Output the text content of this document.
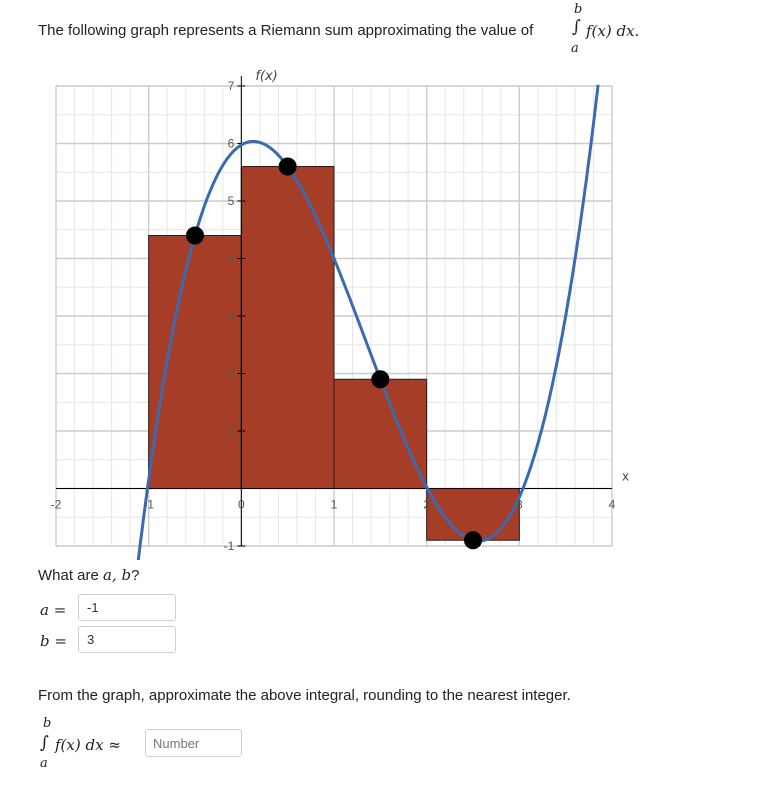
The following graph represents a Riemann sum approximating the value of
b
∫
a
f(x) dx.
-2	-1	0	1	2	3	4
-1
1
2
3
4
5
6
7
f(x)
x
What are a, b?
a =	-1
b =	3
From the graph, approximate the above integral, rounding to the nearest integer.
b
∫
a
f(x) dx ≈
Number
